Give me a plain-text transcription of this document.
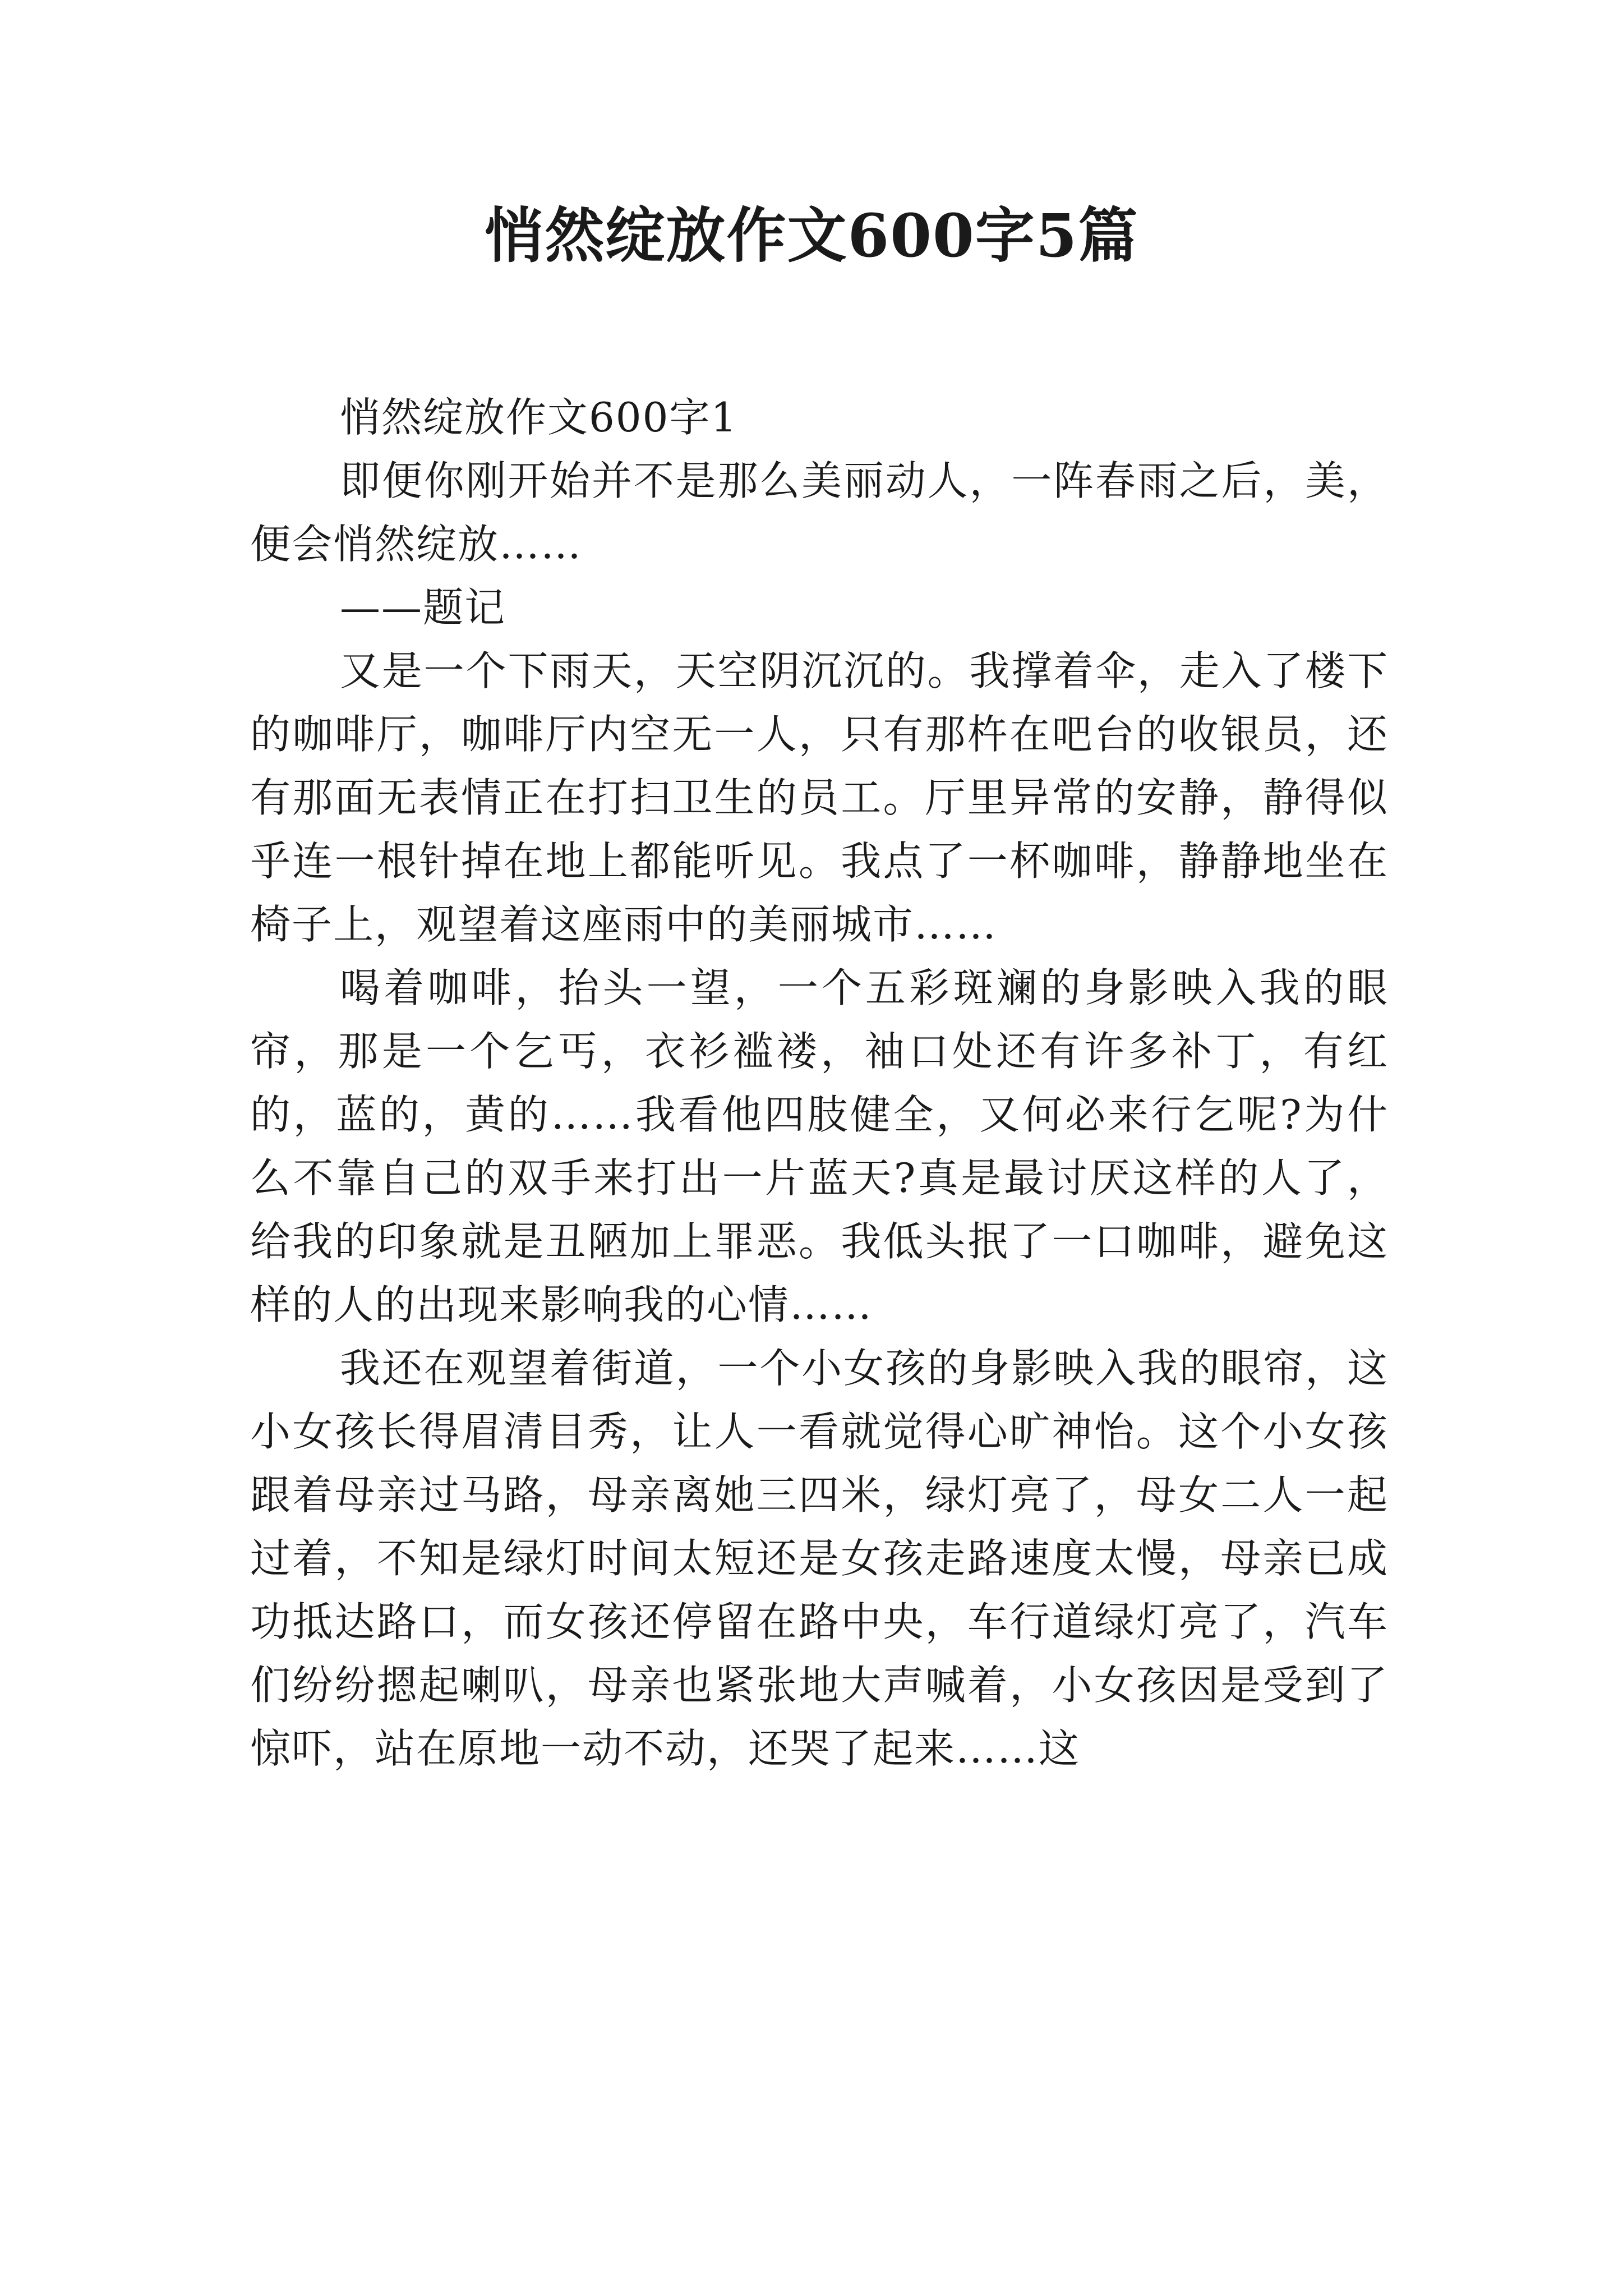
悄然绽放作文600字5篇

悄然绽放作文600字1

即便你刚开始并不是那么美丽动人，一阵春雨之后，美，便会悄然绽放……

——题记

又是一个下雨天，天空阴沉沉的。我撑着伞，走入了楼下的咖啡厅，咖啡厅内空无一人，只有那杵在吧台的收银员，还有那面无表情正在打扫卫生的员工。厅里异常的安静，静得似乎连一根针掉在地上都能听见。我点了一杯咖啡，静静地坐在椅子上，观望着这座雨中的美丽城市……

喝着咖啡，抬头一望，一个五彩斑斓的身影映入我的眼帘，那是一个乞丐，衣衫褴褛，袖口处还有许多补丁，有红的，蓝的，黄的……我看他四肢健全，又何必来行乞呢?为什么不靠自己的双手来打出一片蓝天?真是最讨厌这样的人了，给我的印象就是丑陋加上罪恶。我低头抿了一口咖啡，避免这样的人的出现来影响我的心情……

我还在观望着街道，一个小女孩的身影映入我的眼帘，这小女孩长得眉清目秀，让人一看就觉得心旷神怡。这个小女孩跟着母亲过马路，母亲离她三四米，绿灯亮了，母女二人一起过着，不知是绿灯时间太短还是女孩走路速度太慢，母亲已成功抵达路口，而女孩还停留在路中央，车行道绿灯亮了，汽车们纷纷摁起喇叭，母亲也紧张地大声喊着，小女孩因是受到了惊吓，站在原地一动不动，还哭了起来……这
